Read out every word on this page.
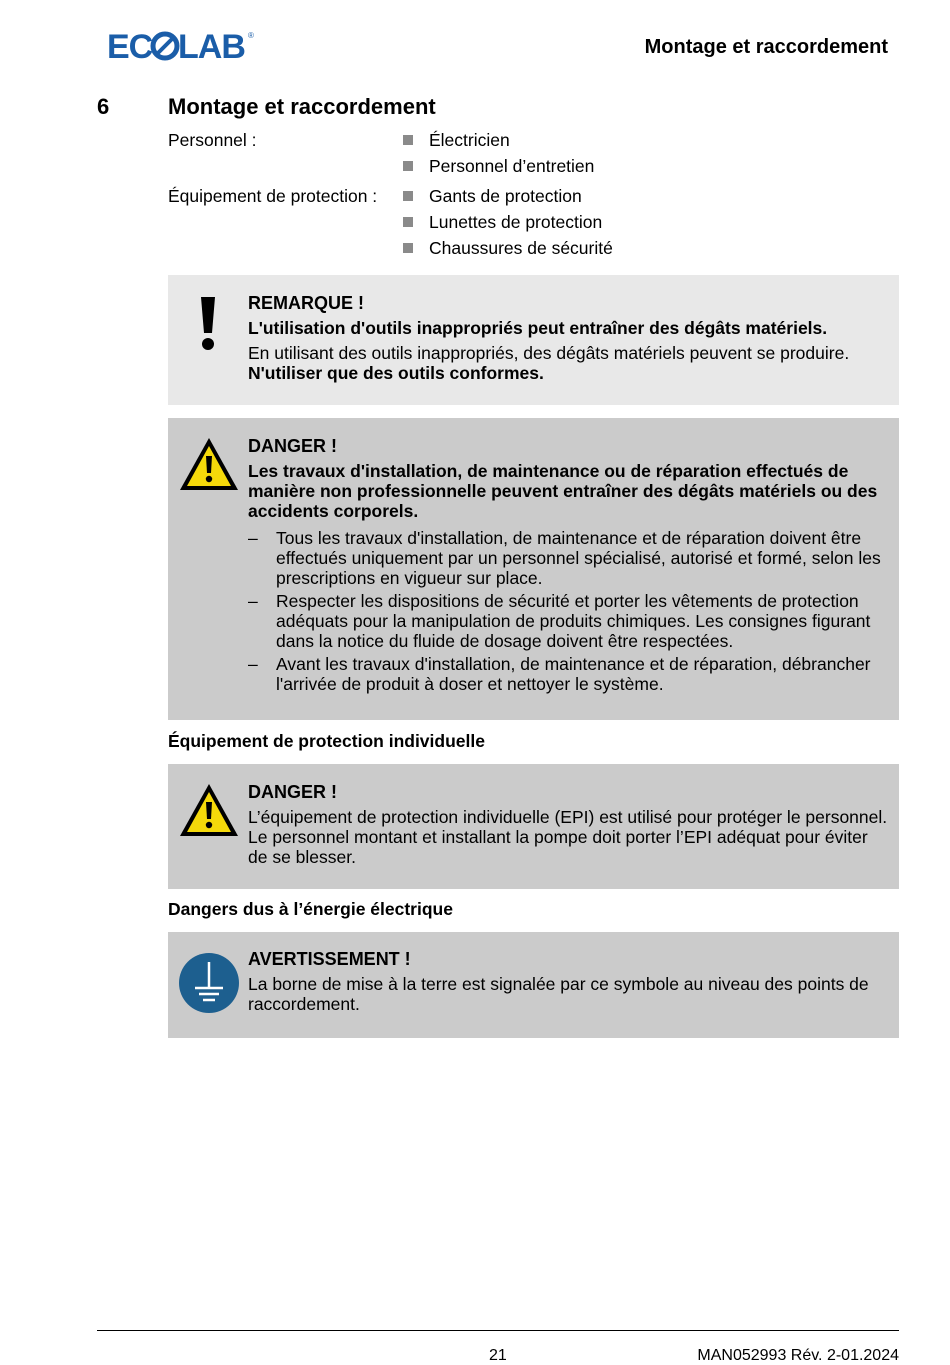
EC LAB ®
Montage et raccordement
6	Montage et raccordement
Personnel :	Électricien
Personnel d’entretien
Équipement de protection :	Gants de protection
Lunettes de protection
Chaussures de sécurité
REMARQUE !
L'utilisation d'outils inappropriés peut entraîner des dégâts matériels.
En utilisant des outils inappropriés, des dégâts matériels peuvent se produire.
N'utiliser que des outils conformes.
DANGER !
Les travaux d'installation, de maintenance ou de réparation effectués de manière non professionnelle peuvent entraîner des dégâts matériels ou des accidents corporels.
– Tous les travaux d'installation, de maintenance et de réparation doivent être effectués uniquement par un personnel spécialisé, autorisé et formé, selon les prescriptions en vigueur sur place.
– Respecter les dispositions de sécurité et porter les vêtements de protection adéquats pour la manipulation de produits chimiques. Les consignes figurant dans la notice du fluide de dosage doivent être respectées.
– Avant les travaux d'installation, de maintenance et de réparation, débrancher l'arrivée de produit à doser et nettoyer le système.
Équipement de protection individuelle
DANGER !
L’équipement de protection individuelle (EPI) est utilisé pour protéger le personnel. Le personnel montant et installant la pompe doit porter l’EPI adéquat pour éviter de se blesser.
Dangers dus à l’énergie électrique
AVERTISSEMENT !
La borne de mise à la terre est signalée par ce symbole au niveau des points de raccordement.
21	MAN052993 Rév. 2-01.2024
